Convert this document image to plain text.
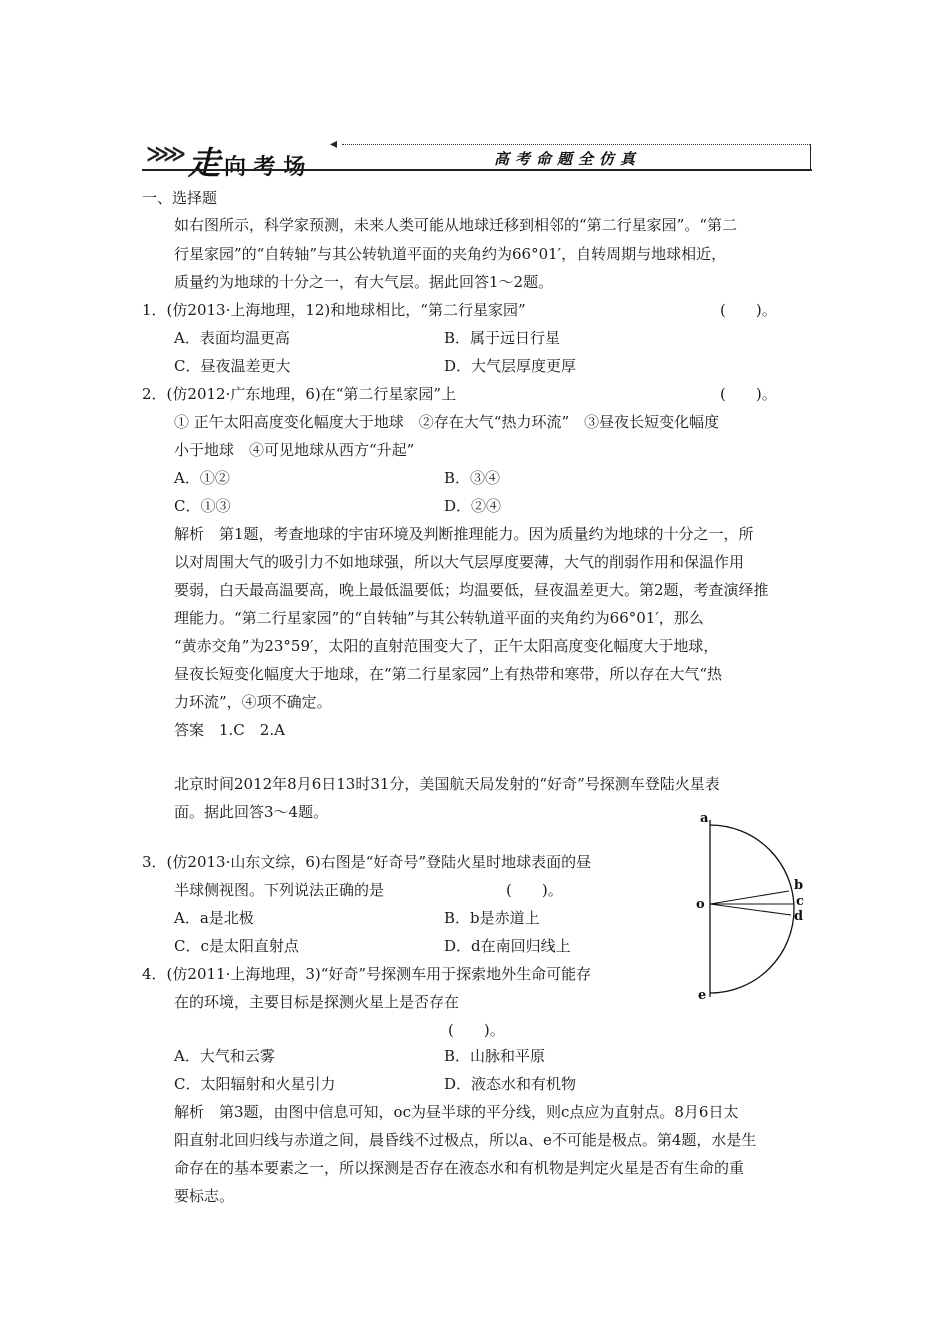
≫≫ 走 向 考 场
◂
高考命题全仿真
一、选择题
如右图所示，科学家预测，未来人类可能从地球迁移到相邻的“第二行星家园”。“第二
行星家园”的“自转轴”与其公转轨道平面的夹角约为66°01′，自转周期与地球相近，
质量约为地球的十分之一，有大气层。据此回答1～2题。
1．(仿2013·上海地理，12)和地球相比，“第二行星家园”	(　　)。
A．表面均温更高	B．属于远日行星
C．昼夜温差更大	D．大气层厚度更厚
2．(仿2012·广东地理，6)在“第二行星家园”上	(　　)。
① 正午太阳高度变化幅度大于地球　②存在大气“热力环流”　③昼夜长短变化幅度
小于地球　④可见地球从西方“升起”
A．①②	B．③④
C．①③	D．②④
解析　第1题，考查地球的宇宙环境及判断推理能力。因为质量约为地球的十分之一，所
以对周围大气的吸引力不如地球强，所以大气层厚度要薄，大气的削弱作用和保温作用
要弱，白天最高温要高，晚上最低温要低；均温要低，昼夜温差更大。第2题，考查演绎推
理能力。“第二行星家园”的“自转轴”与其公转轨道平面的夹角约为66°01′，那么
“黄赤交角”为23°59′，太阳的直射范围变大了，正午太阳高度变化幅度大于地球，
昼夜长短变化幅度大于地球，在“第二行星家园”上有热带和寒带，所以存在大气“热
力环流”，④项不确定。
答案　1.C　2.A
北京时间2012年8月6日13时31分，美国航天局发射的“好奇”号探测车登陆火星表
面。据此回答3～4题。
3．(仿2013·山东文综，6)右图是“好奇号”登陆火星时地球表面的昼
半球侧视图。下列说法正确的是	(　　)。
A．a是北极	B．b是赤道上
C．c是太阳直射点	D．d在南回归线上
4．(仿2011·上海地理，3)“好奇”号探测车用于探索地外生命可能存
在的环境，主要目标是探测火星上是否存在
(　　)。
A．大气和云雾	B．山脉和平原
C．太阳辐射和火星引力	D．液态水和有机物
解析　第3题，由图中信息可知，oc为昼半球的平分线，则c点应为直射点。8月6日太
阳直射北回归线与赤道之间，晨昏线不过极点，所以a、e不可能是极点。第4题，水是生
命存在的基本要素之一，所以探测是否存在液态水和有机物是判定火星是否有生命的重
要标志。
a
b
c
d
o
e
